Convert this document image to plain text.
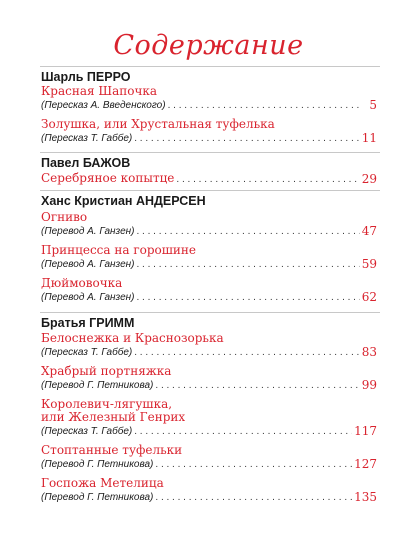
Содержание
Шарль ПЕРРО
Красная Шапочка
(Пересказ А. Введенского) . . .	5
Золушка, или Хрустальная туфелька
(Пересказ Т. Габбе) . . .	11
Павел БАЖОВ
Серебряное копытце . . .	29
Ханс Кристиан АНДЕРСЕН
Огниво
(Перевод А. Ганзен) . . .	47
Принцесса на горошине
(Перевод А. Ганзен) . . .	59
Дюймовочка
(Перевод А. Ганзен) . . .	62
Братья ГРИММ
Белоснежка и Краснозорька
(Пересказ Т. Габбе) . . .	83
Храбрый портняжка
(Перевод Г. Петникова) . . .	99
Королевич-лягушка,
или Железный Генрих
(Пересказ Т. Габбе) . . .	117
Стоптанные туфельки
(Перевод Г. Петникова) . . .	127
Госпожа Метелица
(Перевод Г. Петникова) . . .	135
